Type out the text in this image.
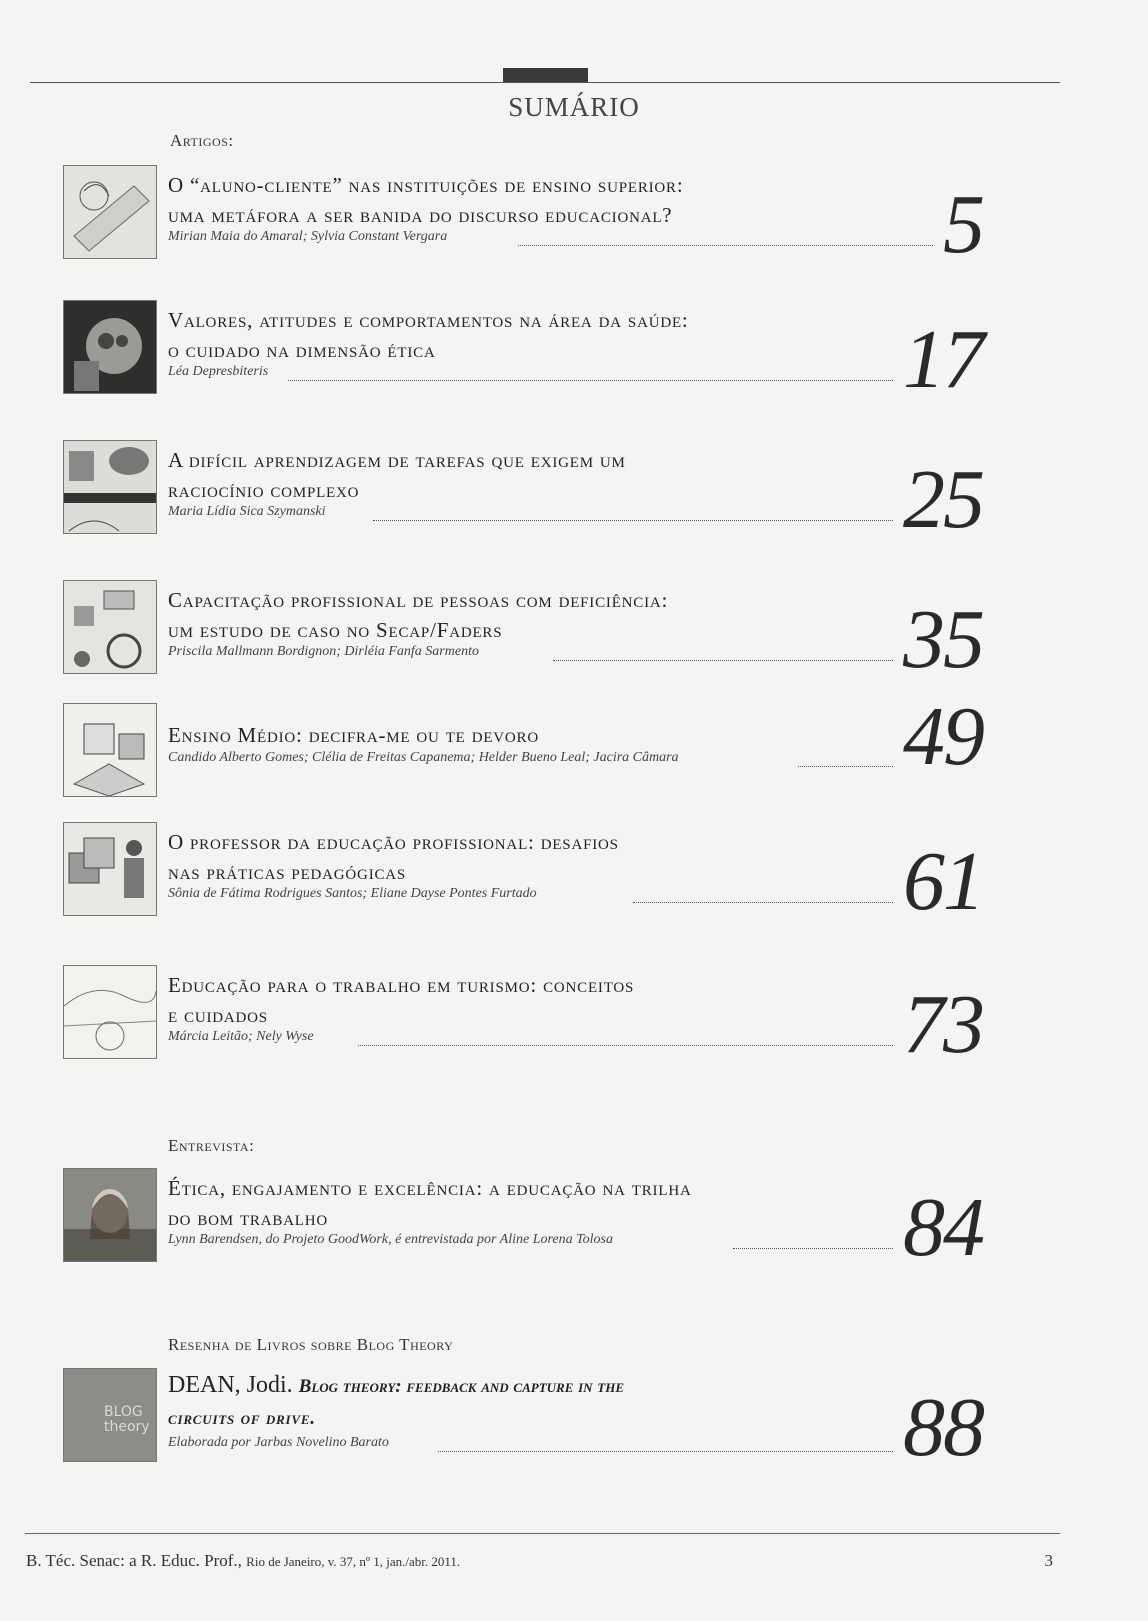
SUMÁRIO
Artigos:
O “aluno-cliente” nas instituições de ensino superior:
uma metáfora a ser banida do discurso educacional?
Mirian Maia do Amaral; Sylvia Constant Vergara	5
Valores, atitudes e comportamentos na área da saúde:
o cuidado na dimensão ética
Léa Depresbiteris	17
A difícil aprendizagem de tarefas que exigem um
raciocínio complexo
Maria Lídia Sica Szymanski	25
Capacitação profissional de pessoas com deficiência:
um estudo de caso no Secap/Faders
Priscila Mallmann Bordignon; Dirléia Fanfa Sarmento	35
Ensino Médio: decifra-me ou te devoro
Candido Alberto Gomes; Clélia de Freitas Capanema; Helder Bueno Leal; Jacira Câmara	49
O professor da educação profissional: desafios
nas práticas pedagógicas
Sônia de Fátima Rodrigues Santos; Eliane Dayse Pontes Furtado	61
Educação para o trabalho em turismo: conceitos
e cuidados
Márcia Leitão; Nely Wyse	73
Entrevista:
Ética, engajamento e excelência: a educação na trilha
do bom trabalho
Lynn Barendsen, do Projeto GoodWork, é entrevistada por Aline Lorena Tolosa	84
Resenha de Livros sobre Blog Theory
BLOG
theory
DEAN, Jodi. Blog theory: feedback and capture in the
circuits of drive.
Elaborada por Jarbas Novelino Barato	88
B. Téc. Senac: a R. Educ. Prof., Rio de Janeiro, v. 37, nº 1, jan./abr. 2011.	3
